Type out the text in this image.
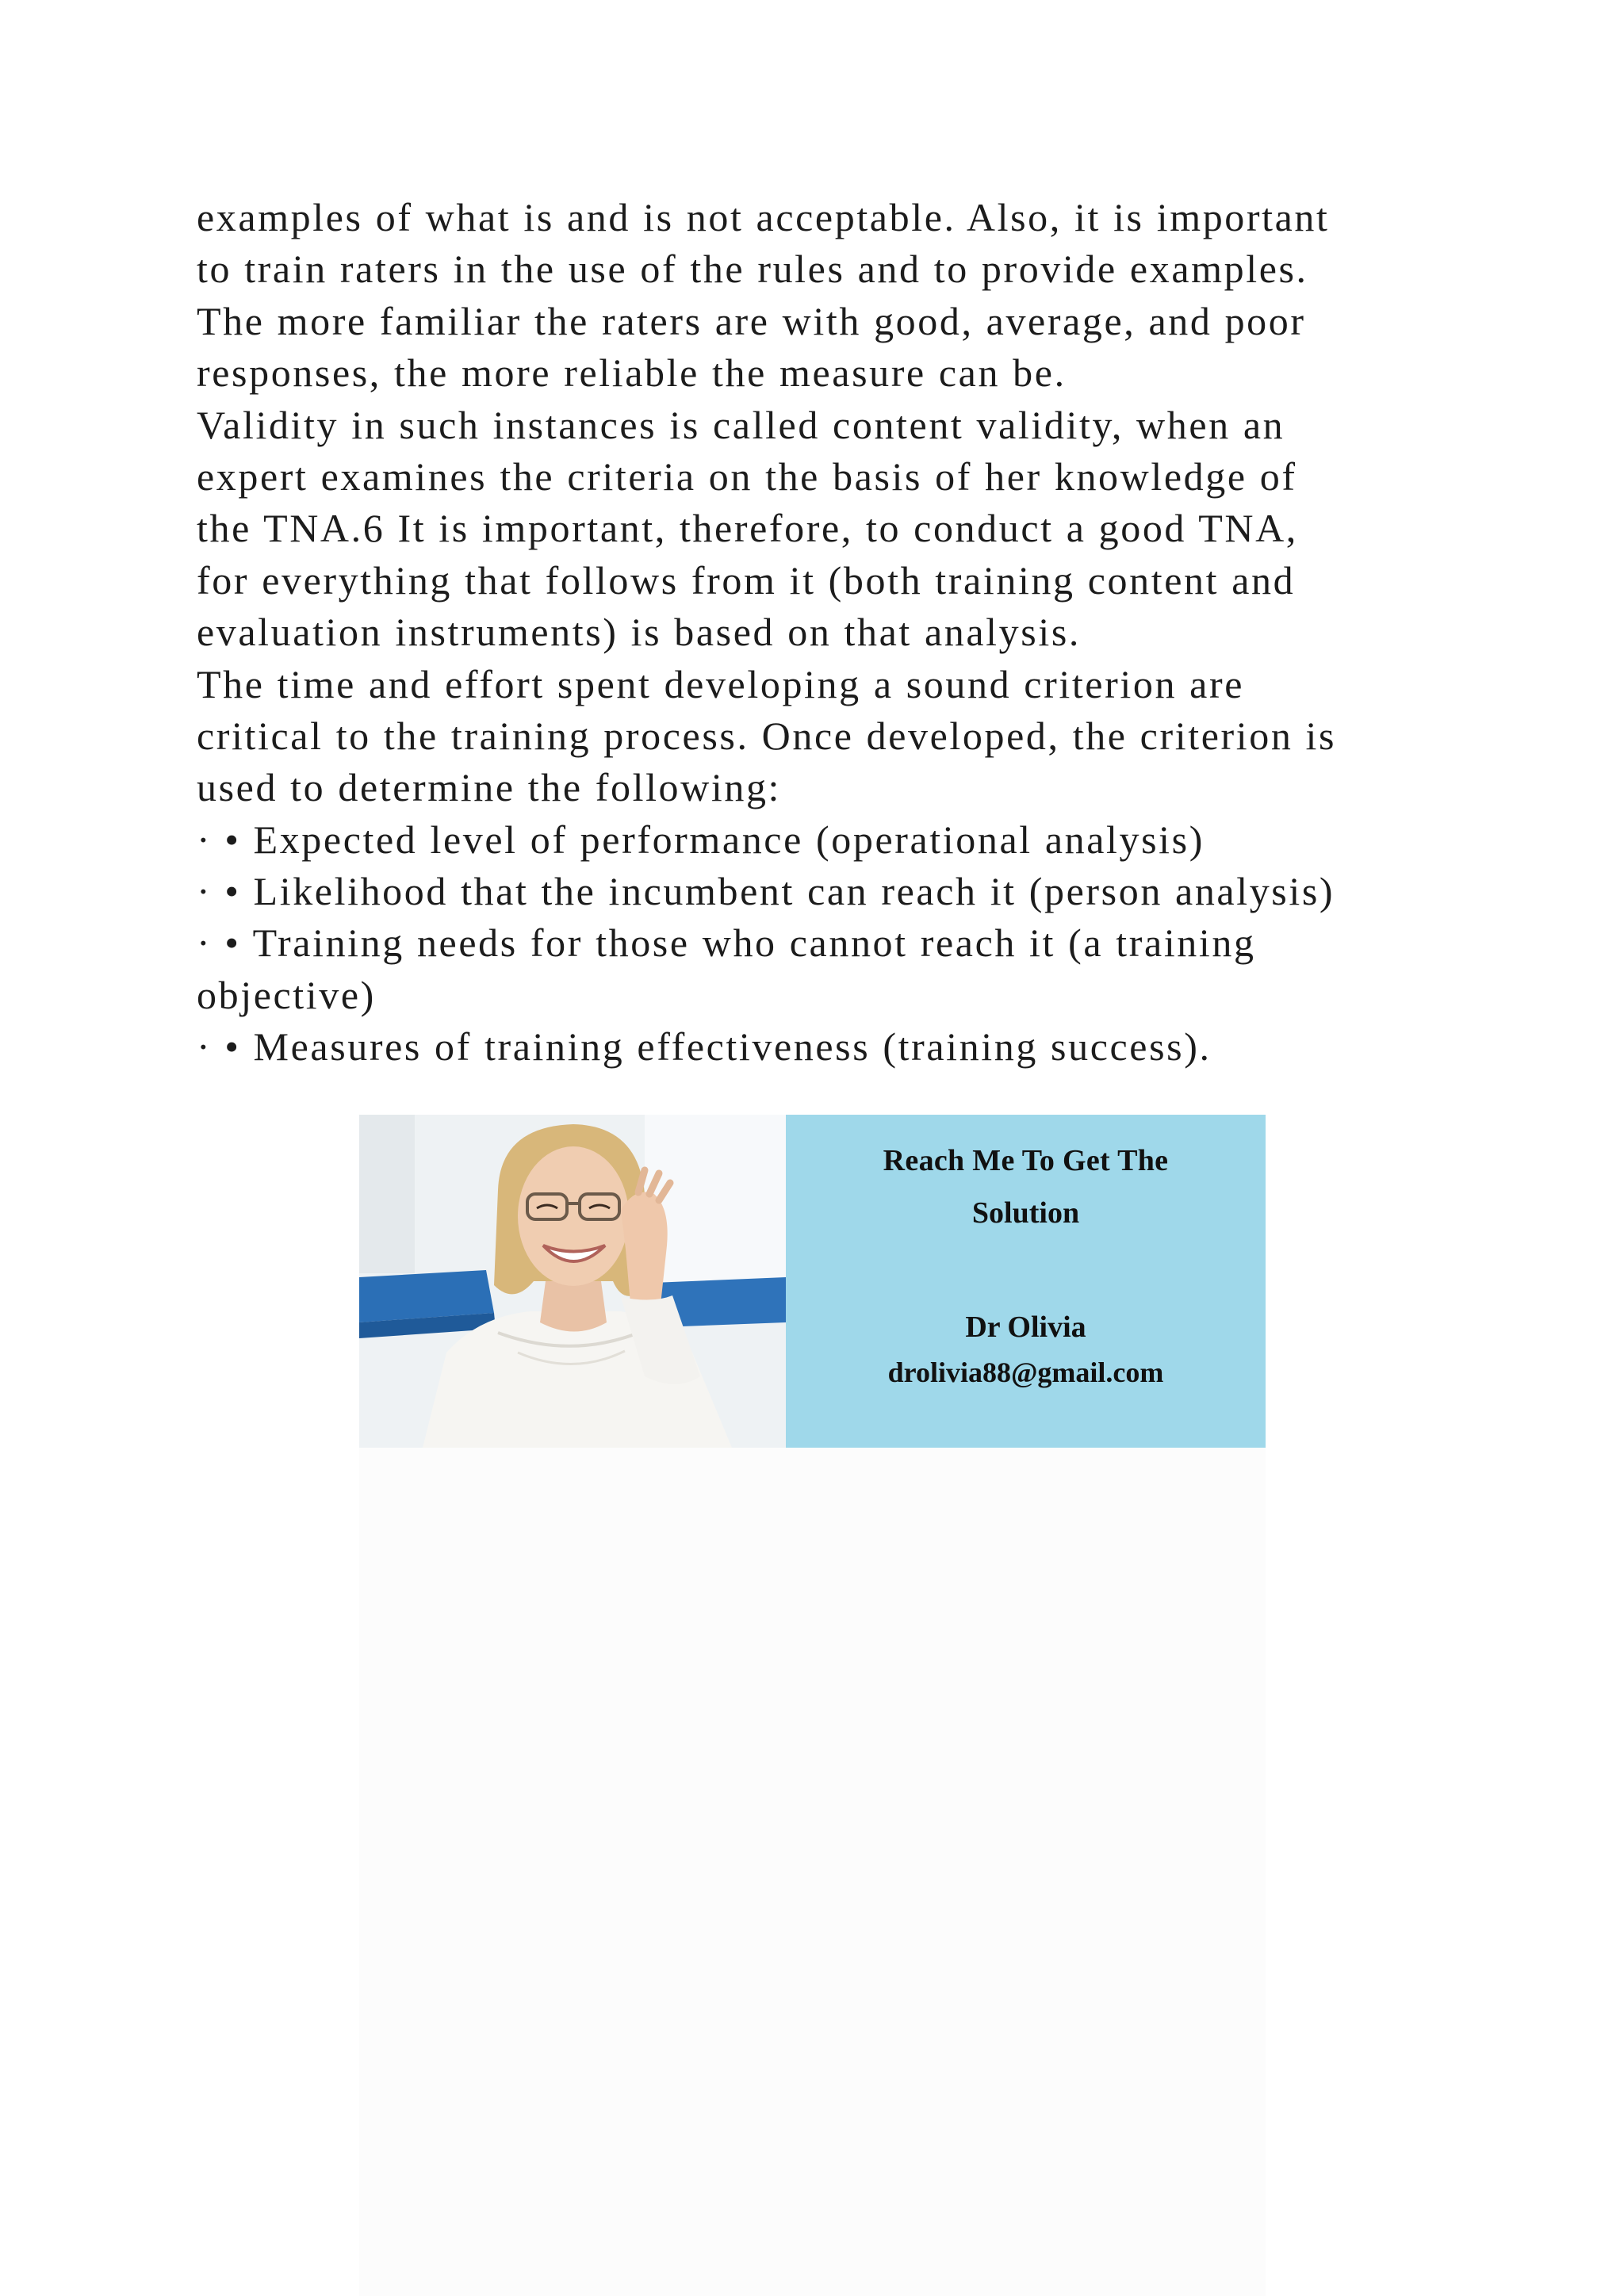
examples of what is and is not acceptable. Also, it is important
to train raters in the use of the rules and to provide examples.
The more familiar the raters are with good, average, and poor
responses, the more reliable the measure can be.
Validity in such instances is called content validity, when an
expert examines the criteria on the basis of her knowledge of
the TNA.6 It is important, therefore, to conduct a good TNA,
for everything that follows from it (both training content and
evaluation instruments) is based on that analysis.
The time and effort spent developing a sound criterion are
critical to the training process. Once developed, the criterion is
used to determine the following:
· • Expected level of performance (operational analysis)
· • Likelihood that the incumbent can reach it (person analysis)
· • Training needs for those who cannot reach it (a training
objective)
· • Measures of training effectiveness (training success).
Reach Me To Get The
Solution
Dr Olivia
drolivia88@gmail.com
